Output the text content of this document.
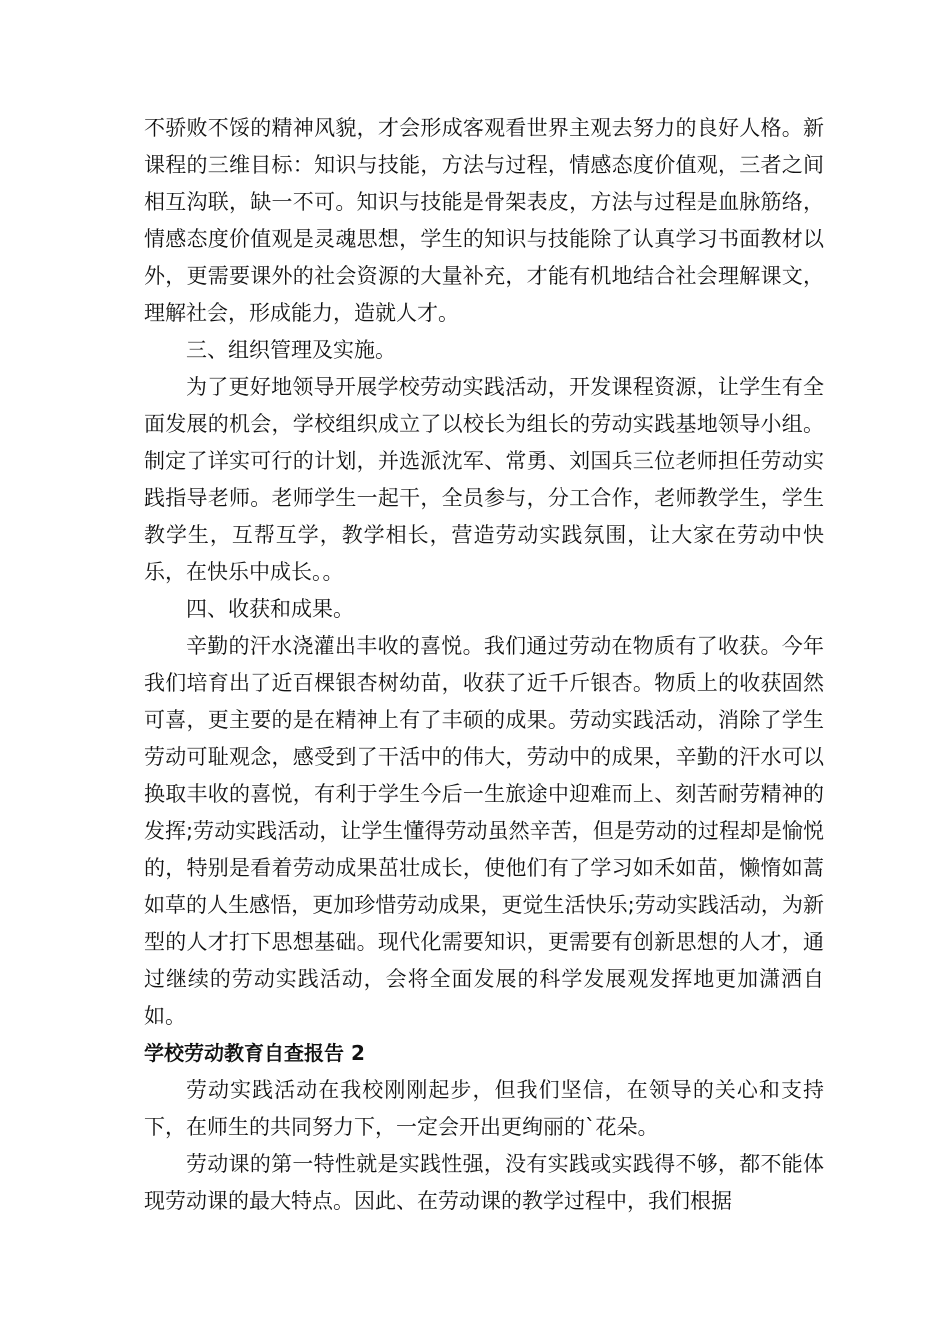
不骄败不馁的精神风貌，才会形成客观看世界主观去努力的良好人格。新课程的三维目标：知识与技能，方法与过程，情感态度价值观，三者之间相互沟联，缺一不可。知识与技能是骨架表皮，方法与过程是血脉筋络，情感态度价值观是灵魂思想，学生的知识与技能除了认真学习书面教材以外，更需要课外的社会资源的大量补充，才能有机地结合社会理解课文，理解社会，形成能力，造就人才。

三、组织管理及实施。

为了更好地领导开展学校劳动实践活动，开发课程资源，让学生有全面发展的机会，学校组织成立了以校长为组长的劳动实践基地领导小组。制定了详实可行的计划，并选派沈军、常勇、刘国兵三位老师担任劳动实践指导老师。老师学生一起干，全员参与，分工合作，老师教学生，学生教学生，互帮互学，教学相长，营造劳动实践氛围，让大家在劳动中快乐，在快乐中成长。。

四、收获和成果。

辛勤的汗水浇灌出丰收的喜悦。我们通过劳动在物质有了收获。今年我们培育出了近百棵银杏树幼苗，收获了近千斤银杏。物质上的收获固然可喜，更主要的是在精神上有了丰硕的成果。劳动实践活动，消除了学生劳动可耻观念，感受到了干活中的伟大，劳动中的成果，辛勤的汗水可以换取丰收的喜悦，有利于学生今后一生旅途中迎难而上、刻苦耐劳精神的发挥;劳动实践活动，让学生懂得劳动虽然辛苦，但是劳动的过程却是愉悦的，特别是看着劳动成果茁壮成长，使他们有了学习如禾如苗，懒惰如蒿如草的人生感悟，更加珍惜劳动成果，更觉生活快乐;劳动实践活动，为新型的人才打下思想基础。现代化需要知识，更需要有创新思想的人才，通过继续的劳动实践活动，会将全面发展的科学发展观发挥地更加潇洒自如。

学校劳动教育自查报告 2

劳动实践活动在我校刚刚起步，但我们坚信，在领导的关心和支持下，在师生的共同努力下，一定会开出更绚丽的`花朵。

劳动课的第一特性就是实践性强，没有实践或实践得不够，都不能体现劳动课的最大特点。因此、在劳动课的教学过程中，我们根据
